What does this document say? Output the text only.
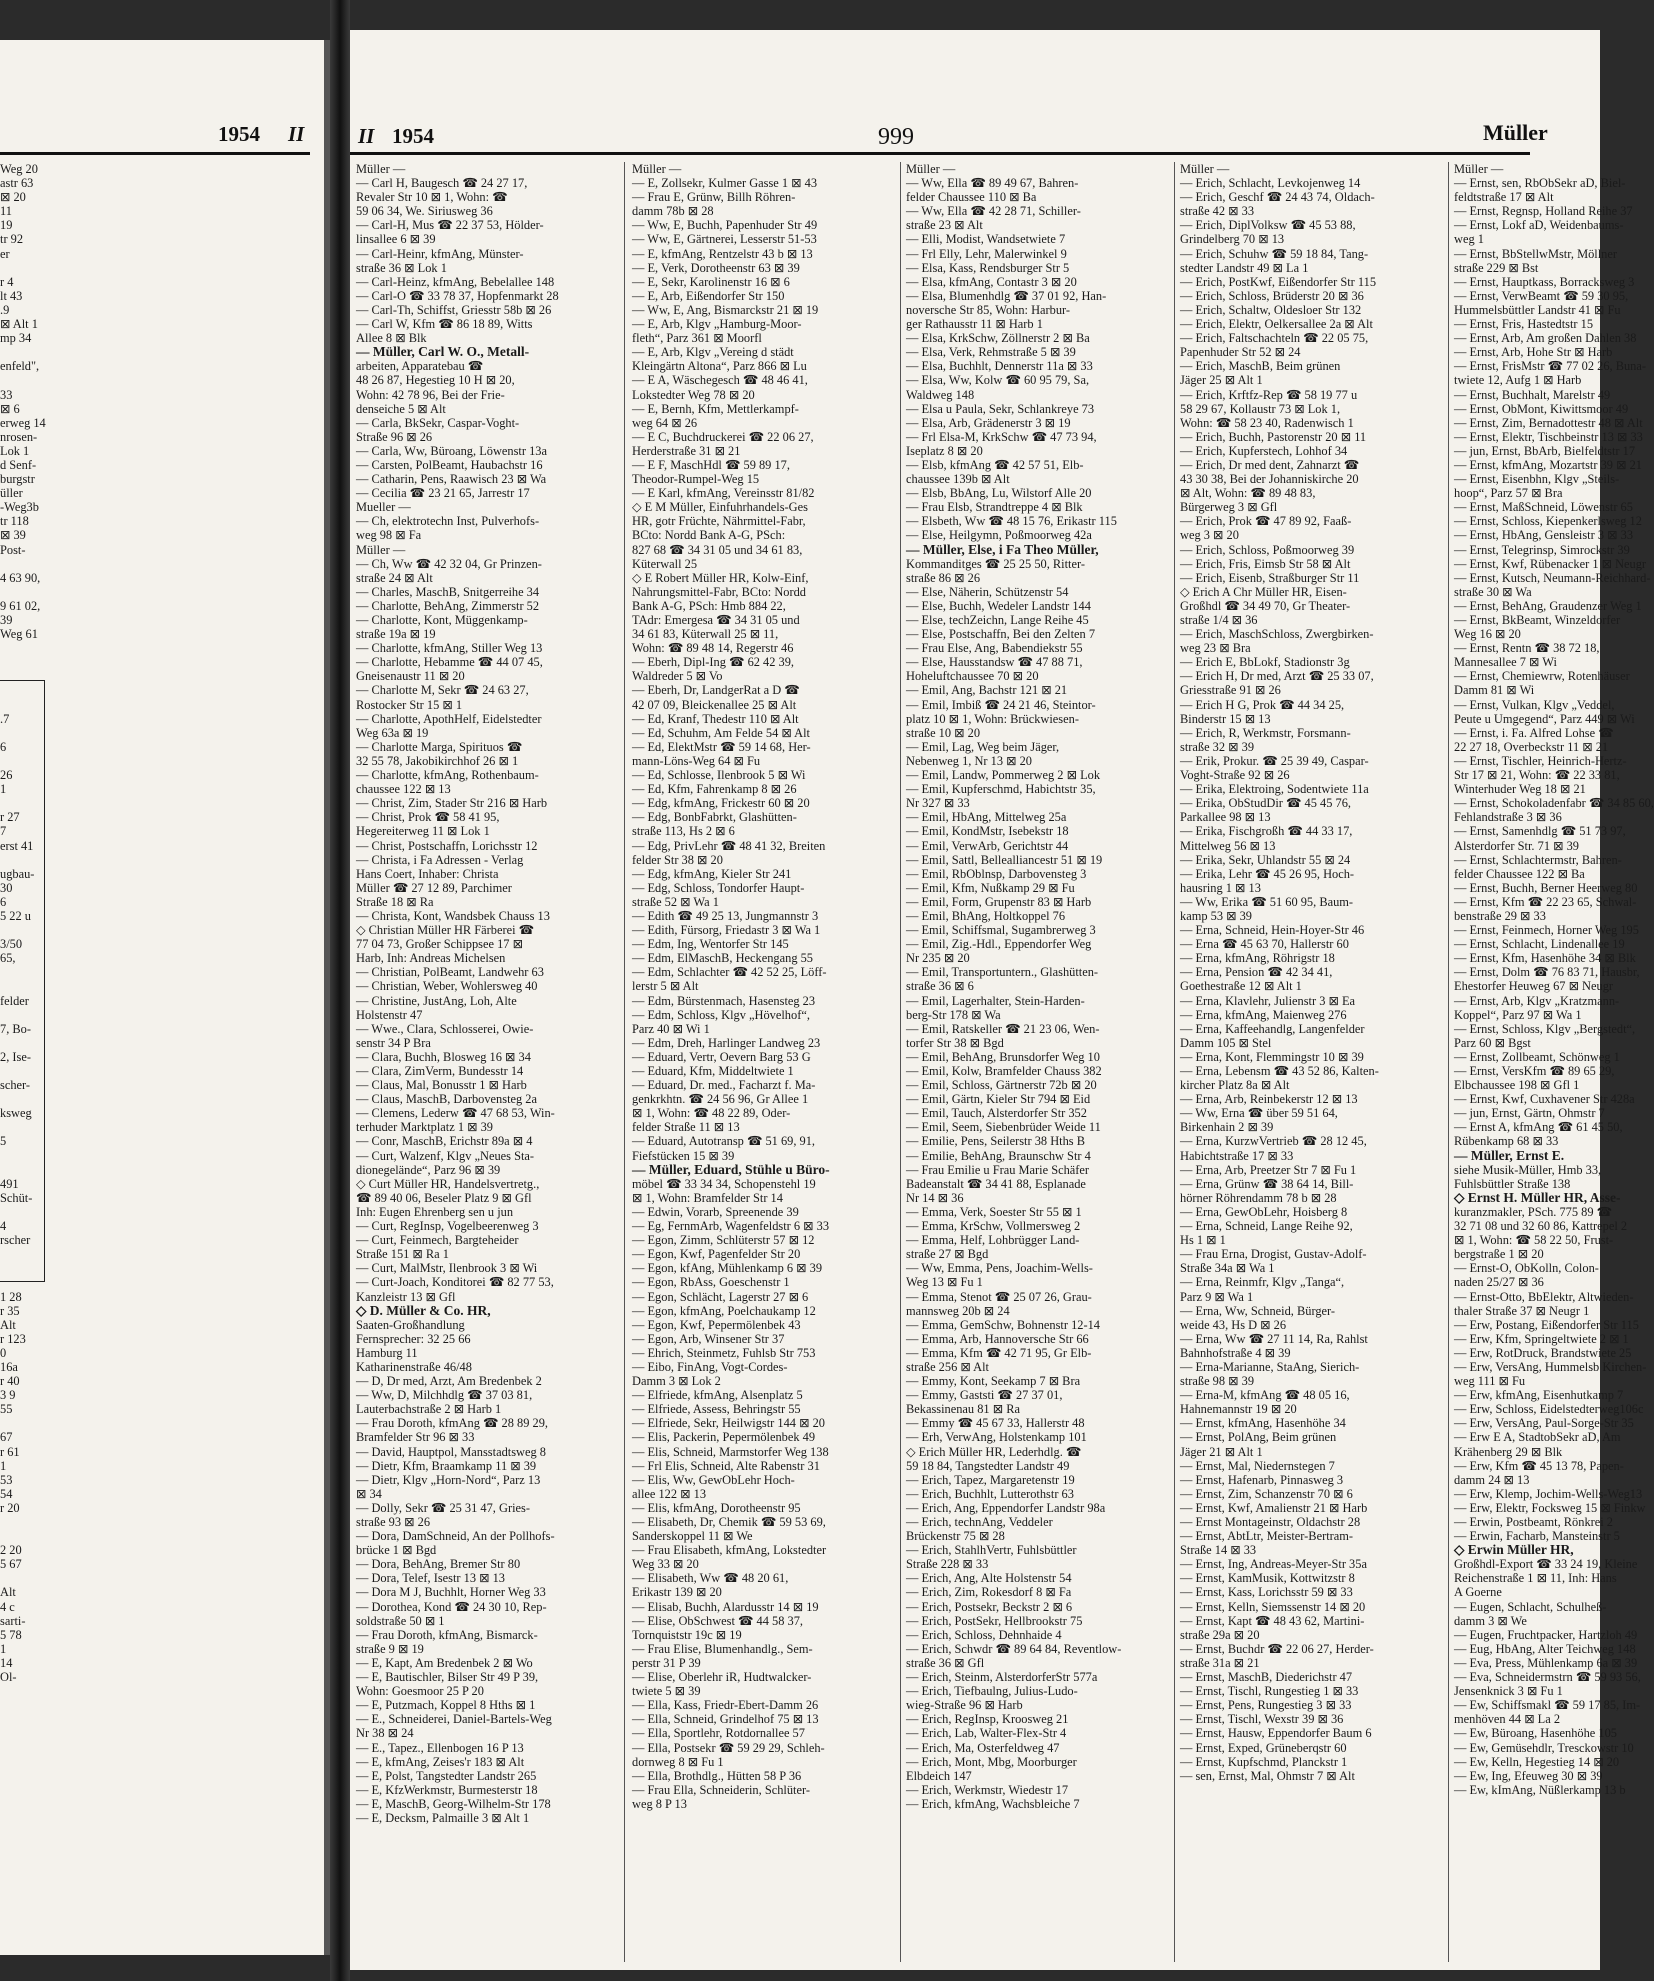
1954 II
Weg 20
astr 63
⊠ 20
11
19
tr 92
er

r 4
lt 43
.9
⊠ Alt 1
mp 34

enfeld",

33
⊠ 6
erweg 14
nrosen-
Lok 1
d Senf-
burgstr
üller
-Weg3b
tr 118
⊠ 39
Post-

4 63 90,

9 61 02,
39
Weg 61

.7

6

26
1

r 27
7
erst 41

ugbau-
30
6
5 22 u

3/50
65,

felder

7, Bo-

2, Ise-

scher-

ksweg

5

491
Schüt-

4
rscher

1 28
r 35
Alt
r 123
0
16a
r 40
3 9
55

67
r 61
1
53
54
r 20

2 20
5 67

Alt
4 c
sarti-
5 78
1
14
Ol-
II 1954	999	Müller
Müller —
— Carl H, Baugesch ☎ 24 27 17,
Revaler Str 10 ⊠ 1, Wohn: ☎
59 06 34, We. Siriusweg 36
— Carl-H, Mus ☎ 22 37 53, Hölder-
linsallee 6 ⊠ 39
— Carl-Heinr, kfmAng, Münster-
straße 36 ⊠ Lok 1
— Carl-Heinz, kfmAng, Bebelallee 148
— Carl-O ☎ 33 78 37, Hopfenmarkt 28
— Carl-Th, Schiffst, Griesstr 58b ⊠ 26
— Carl W, Kfm ☎ 86 18 89, Witts
Allee 8 ⊠ Blk
— Müller, Carl W. O., Metall-
arbeiten, Apparatebau ☎
48 26 87, Hegestieg 10 H ⊠ 20,
Wohn: 42 78 96, Bei der Frie-
denseiche 5 ⊠ Alt
— Carla, BkSekr, Caspar-Voght-
Straße 96 ⊠ 26
— Carla, Ww, Büroang, Löwenstr 13a
— Carsten, PolBeamt, Haubachstr 16
— Catharin, Pens, Raawisch 23 ⊠ Wa
— Cecilia ☎ 23 21 65, Jarrestr 17
Mueller —
— Ch, elektrotechn Inst, Pulverhofs-
weg 98 ⊠ Fa
Müller —
— Ch, Ww ☎ 42 32 04, Gr Prinzen-
straße 24 ⊠ Alt
— Charles, MaschB, Snitgerreihe 34
— Charlotte, BehAng, Zimmerstr 52
— Charlotte, Kont, Müggenkamp-
straße 19a ⊠ 19
— Charlotte, kfmAng, Stiller Weg 13
— Charlotte, Hebamme ☎ 44 07 45,
Gneisenaustr 11 ⊠ 20
— Charlotte M, Sekr ☎ 24 63 27,
Rostocker Str 15 ⊠ 1
— Charlotte, ApothHelf, Eidelstedter
Weg 63a ⊠ 19
— Charlotte Marga, Spirituos ☎
32 55 78, Jakobikirchhof 26 ⊠ 1
— Charlotte, kfmAng, Rothenbaum-
chaussee 122 ⊠ 13
— Christ, Zim, Stader Str 216 ⊠ Harb
— Christ, Prok ☎ 58 41 95,
Hegereiterweg 11 ⊠ Lok 1
— Christ, Postschaffn, Lorichsstr 12
— Christa, i Fa Adressen - Verlag
Hans Coert, Inhaber: Christa
Müller ☎ 27 12 89, Parchimer
Straße 18 ⊠ Ra
— Christa, Kont, Wandsbek Chauss 13
◇ Christian Müller HR Färberei ☎
77 04 73, Großer Schippsee 17 ⊠
Harb, Inh: Andreas Michelsen
— Christian, PolBeamt, Landwehr 63
— Christian, Weber, Wohlersweg 40
— Christine, JustAng, Loh, Alte
Holstenstr 47
— Wwe., Clara, Schlosserei, Owie-
senstr 34 P Bra
— Clara, Buchh, Blosweg 16 ⊠ 34
— Clara, ZimVerm, Bundesstr 14
— Claus, Mal, Bonusstr 1 ⊠ Harb
— Claus, MaschB, Darbovensteg 2a
— Clemens, Lederw ☎ 47 68 53, Win-
terhuder Marktplatz 1 ⊠ 39
— Conr, MaschB, Erichstr 89a ⊠ 4
— Curt, Walzenf, Klgv „Neues Sta-
dionegelände“, Parz 96 ⊠ 39
◇ Curt Müller HR, Handelsvertretg.,
☎ 89 40 06, Beseler Platz 9 ⊠ Gfl
Inh: Eugen Ehrenberg sen u jun
— Curt, RegInsp, Vogelbeerenweg 3
— Curt, Feinmech, Bargteheider
Straße 151 ⊠ Ra 1
— Curt, MalMstr, Ilenbrook 3 ⊠ Wi
— Curt-Joach, Konditorei ☎ 82 77 53,
Kanzleistr 13 ⊠ Gfl
◇ D. Müller & Co. HR,
Saaten-Großhandlung
Fernsprecher: 32 25 66
Hamburg 11
Katharinenstraße 46/48
— D, Dr med, Arzt, Am Bredenbek 2
— Ww, D, Milchhdlg ☎ 37 03 81,
Lauterbachstraße 2 ⊠ Harb 1
— Frau Doroth, kfmAng ☎ 28 89 29,
Bramfelder Str 96 ⊠ 33
— David, Hauptpol, Mansstadtsweg 8
— Dietr, Kfm, Braamkamp 11 ⊠ 39
— Dietr, Klgv „Horn-Nord“, Parz 13
⊠ 34
— Dolly, Sekr ☎ 25 31 47, Gries-
straße 93 ⊠ 26
— Dora, DamSchneid, An der Pollhofs-
brücke 1 ⊠ Bgd
— Dora, BehAng, Bremer Str 80
— Dora, Telef, Isestr 13 ⊠ 13
— Dora M J, Buchhlt, Horner Weg 33
— Dorothea, Kond ☎ 24 30 10, Rep-
soldstraße 50 ⊠ 1
— Frau Doroth, kfmAng, Bismarck-
straße 9 ⊠ 19
— E, Kapt, Am Bredenbek 2 ⊠ Wo
— E, Bautischler, Bilser Str 49 P 39,
Wohn: Goesmoor 25 P 20
— E, Putzmach, Koppel 8 Hths ⊠ 1
— E., Schneiderei, Daniel-Bartels-Weg
Nr 38 ⊠ 24
— E., Tapez., Ellenbogen 16 P 13
— E, kfmAng, Zeises'r 183 ⊠ Alt
— E, Polst, Tangstedter Landstr 265
— E, KfzWerkmstr, Burmesterstr 18
— E, MaschB, Georg-Wilhelm-Str 178
— E, Decksm, Palmaille 3 ⊠ Alt 1
Müller —
— E, Zollsekr, Kulmer Gasse 1 ⊠ 43
— Frau E, Grünw, Billh Röhren-
damm 78b ⊠ 28
— Ww, E, Buchh, Papenhuder Str 49
— Ww, E, Gärtnerei, Lesserstr 51-53
— E, kfmAng, Rentzelstr 43 b ⊠ 13
— E, Verk, Dorotheenstr 63 ⊠ 39
— E, Sekr, Karolinenstr 16 ⊠ 6
— E, Arb, Eißendorfer Str 150
— Ww, E, Ang, Bismarckstr 21 ⊠ 19
— E, Arb, Klgv „Hamburg-Moor-
fleth“, Parz 361 ⊠ Moorfl
— E, Arb, Klgv „Vereing d städt
Kleingärtn Altona“, Parz 866 ⊠ Lu
— E A, Wäschegesch ☎ 48 46 41,
Lokstedter Weg 78 ⊠ 20
— E, Bernh, Kfm, Mettlerkampf-
weg 64 ⊠ 26
— E C, Buchdruckerei ☎ 22 06 27,
Herderstraße 31 ⊠ 21
— E F, MaschHdl ☎ 59 89 17,
Theodor-Rumpel-Weg 15
— E Karl, kfmAng, Vereinsstr 81/82
◇ E M Müller, Einfuhrhandels-Ges
HR, gotr Früchte, Nährmittel-Fabr,
BCto: Nordd Bank A-G, PSch:
827 68 ☎ 34 31 05 und 34 61 83,
Küterwall 25
◇ E Robert Müller HR, Kolw-Einf,
Nahrungsmittel-Fabr, BCto: Nordd
Bank A-G, PSch: Hmb 884 22,
TAdr: Emergesa ☎ 34 31 05 und
34 61 83, Küterwall 25 ⊠ 11,
Wohn: ☎ 89 48 14, Regerstr 46
— Eberh, Dipl-Ing ☎ 62 42 39,
Waldreder 5 ⊠ Vo
— Eberh, Dr, LandgerRat a D ☎
42 07 09, Bleickenallee 25 ⊠ Alt
— Ed, Kranf, Thedestr 110 ⊠ Alt
— Ed, Schuhm, Am Felde 54 ⊠ Alt
— Ed, ElektMstr ☎ 59 14 68, Her-
mann-Löns-Weg 64 ⊠ Fu
— Ed, Schlosse, Ilenbrook 5 ⊠ Wi
— Ed, Kfm, Fahrenkamp 8 ⊠ 26
— Edg, kfmAng, Frickestr 60 ⊠ 20
— Edg, BonbFabrkt, Glashütten-
straße 113, Hs 2 ⊠ 6
— Edg, PrivLehr ☎ 48 41 32, Breiten
felder Str 38 ⊠ 20
— Edg, kfmAng, Kieler Str 241
— Edg, Schloss, Tondorfer Haupt-
straße 52 ⊠ Wa 1
— Edith ☎ 49 25 13, Jungmannstr 3
— Edith, Fürsorg, Friedastr 3 ⊠ Wa 1
— Edm, Ing, Wentorfer Str 145
— Edm, ElMaschB, Heckengang 55
— Edm, Schlachter ☎ 42 52 25, Löff-
lerstr 5 ⊠ Alt
— Edm, Bürstenmach, Hasensteg 23
— Edm, Schloss, Klgv „Hövelhof“,
Parz 40 ⊠ Wi 1
— Edm, Dreh, Harlinger Landweg 23
— Eduard, Vertr, Oevern Barg 53 G
— Eduard, Kfm, Middeltwiete 1
— Eduard, Dr. med., Facharzt f. Ma-
genkrkhtn. ☎ 24 56 96, Gr Allee 1
⊠ 1, Wohn: ☎ 48 22 89, Oder-
felder Straße 11 ⊠ 13
— Eduard, Autotransp ☎ 51 69, 91,
Fiefstücken 15 ⊠ 39
— Müller, Eduard, Stühle u Büro-
möbel ☎ 33 34 34, Schopenstehl 19
⊠ 1, Wohn: Bramfelder Str 14
— Edwin, Vorarb, Spreenende 39
— Eg, FernmArb, Wagenfeldstr 6 ⊠ 33
— Egon, Zimm, Schlüterstr 57 ⊠ 12
— Egon, Kwf, Pagenfelder Str 20
— Egon, kfAng, Mühlenkamp 6 ⊠ 39
— Egon, RbAss, Goeschenstr 1
— Egon, Schlächt, Lagerstr 27 ⊠ 6
— Egon, kfmAng, Poelchaukamp 12
— Egon, Kwf, Pepermölenbek 43
— Egon, Arb, Winsener Str 37
— Ehrich, Steinmetz, Fuhlsb Str 753
— Eibo, FinAng, Vogt-Cordes-
Damm 3 ⊠ Lok 2
— Elfriede, kfmAng, Alsenplatz 5
— Elfriede, Assess, Behringstr 55
— Elfriede, Sekr, Heilwigstr 144 ⊠ 20
— Elis, Packerin, Pepermölenbek 49
— Elis, Schneid, Marmstorfer Weg 138
— Frl Elis, Schneid, Alte Rabenstr 31
— Elis, Ww, GewObLehr Hoch-
allee 122 ⊠ 13
— Elis, kfmAng, Dorotheenstr 95
— Elisabeth, Dr, Chemik ☎ 59 53 69,
Sanderskoppel 11 ⊠ We
— Frau Elisabeth, kfmAng, Lokstedter
Weg 33 ⊠ 20
— Elisabeth, Ww ☎ 48 20 61,
Erikastr 139 ⊠ 20
— Elisab, Buchh, Alardusstr 14 ⊠ 19
— Elise, ObSchwest ☎ 44 58 37,
Tornquiststr 19c ⊠ 19
— Frau Elise, Blumenhandlg., Sem-
perstr 31 P 39
— Elise, Oberlehr iR, Hudtwalcker-
twiete 5 ⊠ 39
— Ella, Kass, Friedr-Ebert-Damm 26
— Ella, Schneid, Grindelhof 75 ⊠ 13
— Ella, Sportlehr, Rotdornallee 57
— Ella, Postsekr ☎ 59 29 29, Schleh-
dornweg 8 ⊠ Fu 1
— Ella, Brothdlg., Hütten 58 P 36
— Frau Ella, Schneiderin, Schlüter-
weg 8 P 13
Müller —
— Ww, Ella ☎ 89 49 67, Bahren-
felder Chaussee 110 ⊠ Ba
— Ww, Ella ☎ 42 28 71, Schiller-
straße 23 ⊠ Alt
— Elli, Modist, Wandsetwiete 7
— Frl Elly, Lehr, Malerwinkel 9
— Elsa, Kass, Rendsburger Str 5
— Elsa, kfmAng, Contastr 3 ⊠ 20
— Elsa, Blumenhdlg ☎ 37 01 92, Han-
noversche Str 85, Wohn: Harbur-
ger Rathausstr 11 ⊠ Harb 1
— Elsa, KrkSchw, Zöllnerstr 2 ⊠ Ba
— Elsa, Verk, Rehmstraße 5 ⊠ 39
— Elsa, Buchhlt, Dennerstr 11a ⊠ 33
— Elsa, Ww, Kolw ☎ 60 95 79, Sa,
Waldweg 148
— Elsa u Paula, Sekr, Schlankreye 73
— Elsa, Arb, Grädenerstr 3 ⊠ 19
— Frl Elsa-M, KrkSchw ☎ 47 73 94,
Iseplatz 8 ⊠ 20
— Elsb, kfmAng ☎ 42 57 51, Elb-
chaussee 139b ⊠ Alt
— Elsb, BbAng, Lu, Wilstorf Alle 20
— Frau Elsb, Strandtreppe 4 ⊠ Blk
— Elsbeth, Ww ☎ 48 15 76, Erikastr 115
— Else, Heilgymn, Poßmoorweg 42a
— Müller, Else, i Fa Theo Müller,
Kommanditges ☎ 25 25 50, Ritter-
straße 86 ⊠ 26
— Else, Näherin, Schützenstr 54
— Else, Buchh, Wedeler Landstr 144
— Else, techZeichn, Lange Reihe 45
— Else, Postschaffn, Bei den Zelten 7
— Frau Else, Ang, Babendiekstr 55
— Else, Hausstandsw ☎ 47 88 71,
Hoheluftchaussee 70 ⊠ 20
— Emil, Ang, Bachstr 121 ⊠ 21
— Emil, Imbiß ☎ 24 21 46, Steintor-
platz 10 ⊠ 1, Wohn: Brückwiesen-
straße 10 ⊠ 20
— Emil, Lag, Weg beim Jäger,
Nebenweg 1, Nr 13 ⊠ 20
— Emil, Landw, Pommerweg 2 ⊠ Lok
— Emil, Kupferschmd, Habichtstr 35,
Nr 327 ⊠ 33
— Emil, HbAng, Mittelweg 25a
— Emil, KondMstr, Isebekstr 18
— Emil, VerwArb, Gerichtstr 44
— Emil, Sattl, Bellealliancestr 51 ⊠ 19
— Emil, RbOblnsp, Darbovensteg 3
— Emil, Kfm, Nußkamp 29 ⊠ Fu
— Emil, Form, Grupenstr 83 ⊠ Harb
— Emil, BhAng, Holtkoppel 76
— Emil, Schiffsmal, Sugambrerweg 3
— Emil, Zig.-Hdl., Eppendorfer Weg
Nr 235 ⊠ 20
— Emil, Transportuntern., Glashütten-
straße 36 ⊠ 6
— Emil, Lagerhalter, Stein-Harden-
berg-Str 178 ⊠ Wa
— Emil, Ratskeller ☎ 21 23 06, Wen-
torfer Str 38 ⊠ Bgd
— Emil, BehAng, Brunsdorfer Weg 10
— Emil, Kolw, Bramfelder Chauss 382
— Emil, Schloss, Gärtnerstr 72b ⊠ 20
— Emil, Gärtn, Kieler Str 794 ⊠ Eid
— Emil, Tauch, Alsterdorfer Str 352
— Emil, Seem, Siebenbrüder Weide 11
— Emilie, Pens, Seilerstr 38 Hths B
— Emilie, BehAng, Braunschw Str 4
— Frau Emilie u Frau Marie Schäfer
Badeanstalt ☎ 34 41 88, Esplanade
Nr 14 ⊠ 36
— Emma, Verk, Soester Str 55 ⊠ 1
— Emma, KrSchw, Vollmersweg 2
— Emma, Helf, Lohbrügger Land-
straße 27 ⊠ Bgd
— Ww, Emma, Pens, Joachim-Wells-
Weg 13 ⊠ Fu 1
— Emma, Stenot ☎ 25 07 26, Grau-
mannsweg 20b ⊠ 24
— Emma, GemSchw, Bohnenstr 12-14
— Emma, Arb, Hannoversche Str 66
— Emma, Kfm ☎ 42 71 95, Gr Elb-
straße 256 ⊠ Alt
— Emmy, Kont, Seekamp 7 ⊠ Bra
— Emmy, Gaststi ☎ 27 37 01,
Bekassinenau 81 ⊠ Ra
— Emmy ☎ 45 67 33, Hallerstr 48
— Erh, VerwAng, Holstenkamp 101
◇ Erich Müller HR, Lederhdlg. ☎
59 18 84, Tangstedter Landstr 49
— Erich, Tapez, Margaretenstr 19
— Erich, Buchhlt, Lutterothstr 63
— Erich, Ang, Eppendorfer Landstr 98a
— Erich, technAng, Veddeler
Brückenstr 75 ⊠ 28
— Erich, StahlhVertr, Fuhlsbüttler
Straße 228 ⊠ 33
— Erich, Ang, Alte Holstenstr 54
— Erich, Zim, Rokesdorf 8 ⊠ Fa
— Erich, Postsekr, Beckstr 2 ⊠ 6
— Erich, PostSekr, Hellbrookstr 75
— Erich, Schloss, Dehnhaide 4
— Erich, Schwdr ☎ 89 64 84, Reventlow-
straße 36 ⊠ Gfl
— Erich, Steinm, AlsterdorferStr 577a
— Erich, Tiefbaulng, Julius-Ludo-
wieg-Straße 96 ⊠ Harb
— Erich, RegInsp, Kroosweg 21
— Erich, Lab, Walter-Flex-Str 4
— Erich, Ma, Osterfeldweg 47
— Erich, Mont, Mbg, Moorburger
Elbdeich 147
— Erich, Werkmstr, Wiedestr 17
— Erich, kfmAng, Wachsbleiche 7
Müller —
— Erich, Schlacht, Levkojenweg 14
— Erich, Geschf ☎ 24 43 74, Oldach-
straße 42 ⊠ 33
— Erich, DiplVolksw ☎ 45 53 88,
Grindelberg 70 ⊠ 13
— Erich, Schuhw ☎ 59 18 84, Tang-
stedter Landstr 49 ⊠ La 1
— Erich, PostKwf, Eißendorfer Str 115
— Erich, Schloss, Brüderstr 20 ⊠ 36
— Erich, Schaltw, Oldesloer Str 132
— Erich, Elektr, Oelkersallee 2a ⊠ Alt
— Erich, Faltschachteln ☎ 22 05 75,
Papenhuder Str 52 ⊠ 24
— Erich, MaschB, Beim grünen
Jäger 25 ⊠ Alt 1
— Erich, Krftfz-Rep ☎ 58 19 77 u
58 29 67, Kollaustr 73 ⊠ Lok 1,
Wohn: ☎ 58 23 40, Radenwisch 1
— Erich, Buchh, Pastorenstr 20 ⊠ 11
— Erich, Kupferstech, Lohhof 34
— Erich, Dr med dent, Zahnarzt ☎
43 30 38, Bei der Johanniskirche 20
⊠ Alt, Wohn: ☎ 89 48 83,
Bürgerweg 3 ⊠ Gfl
— Erich, Prok ☎ 47 89 92, Faaß-
weg 3 ⊠ 20
— Erich, Schloss, Poßmoorweg 39
— Erich, Fris, Eimsb Str 58 ⊠ Alt
— Erich, Eisenb, Straßburger Str 11
◇ Erich A Chr Müller HR, Eisen-
Großhdl ☎ 34 49 70, Gr Theater-
straße 1/4 ⊠ 36
— Erich, MaschSchloss, Zwergbirken-
weg 23 ⊠ Bra
— Erich E, BbLokf, Stadionstr 3g
— Erich H, Dr med, Arzt ☎ 25 33 07,
Griesstraße 91 ⊠ 26
— Erich H G, Prok ☎ 44 34 25,
Binderstr 15 ⊠ 13
— Erich, R, Werkmstr, Forsmann-
straße 32 ⊠ 39
— Erik, Prokur. ☎ 25 39 49, Caspar-
Voght-Straße 92 ⊠ 26
— Erika, Elektroing, Sodentwiete 11a
— Erika, ObStudDir ☎ 45 45 76,
Parkallee 98 ⊠ 13
— Erika, Fischgroßh ☎ 44 33 17,
Mittelweg 56 ⊠ 13
— Erika, Sekr, Uhlandstr 55 ⊠ 24
— Erika, Lehr ☎ 45 26 95, Hoch-
hausring 1 ⊠ 13
— Ww, Erika ☎ 51 60 95, Baum-
kamp 53 ⊠ 39
— Erna, Schneid, Hein-Hoyer-Str 46
— Erna ☎ 45 63 70, Hallerstr 60
— Erna, kfmAng, Röhrigstr 18
— Erna, Pension ☎ 42 34 41,
Goethestraße 12 ⊠ Alt 1
— Erna, Klavlehr, Julienstr 3 ⊠ Ea
— Erna, kfmAng, Maienweg 276
— Erna, Kaffeehandlg, Langenfelder
Damm 105 ⊠ Stel
— Erna, Kont, Flemmingstr 10 ⊠ 39
— Erna, Lebensm ☎ 43 52 86, Kalten-
kircher Platz 8a ⊠ Alt
— Erna, Arb, Reinbekerstr 12 ⊠ 13
— Ww, Erna ☎ über 59 51 64,
Birkenhain 2 ⊠ 39
— Erna, KurzwVertrieb ☎ 28 12 45,
Habichtstraße 17 ⊠ 33
— Erna, Arb, Preetzer Str 7 ⊠ Fu 1
— Erna, Grünw ☎ 38 64 14, Bill-
hörner Röhrendamm 78 b ⊠ 28
— Erna, GewObLehr, Hoisberg 8
— Erna, Schneid, Lange Reihe 92,
Hs 1 ⊠ 1
— Frau Erna, Drogist, Gustav-Adolf-
Straße 34a ⊠ Wa 1
— Erna, Reinmfr, Klgv „Tanga“,
Parz 9 ⊠ Wa 1
— Erna, Ww, Schneid, Bürger-
weide 43, Hs D ⊠ 26
— Erna, Ww ☎ 27 11 14, Ra, Rahlst
Bahnhofstraße 4 ⊠ 39
— Erna-Marianne, StaAng, Sierich-
straße 98 ⊠ 39
— Erna-M, kfmAng ☎ 48 05 16,
Hahnemannstr 19 ⊠ 20
— Ernst, kfmAng, Hasenhöhe 34
— Ernst, PolAng, Beim grünen
Jäger 21 ⊠ Alt 1
— Ernst, Mal, Niedernstegen 7
— Ernst, Hafenarb, Pinnasweg 3
— Ernst, Zim, Schanzenstr 70 ⊠ 6
— Ernst, Kwf, Amalienstr 21 ⊠ Harb
— Ernst Montageinstr, Oldachstr 28
— Ernst, AbtLtr, Meister-Bertram-
Straße 14 ⊠ 33
— Ernst, Ing, Andreas-Meyer-Str 35a
— Ernst, KamMusik, Kottwitzstr 8
— Ernst, Kass, Lorichsstr 59 ⊠ 33
— Ernst, Kelln, Siemssenstr 14 ⊠ 20
— Ernst, Kapt ☎ 48 43 62, Martini-
straße 29a ⊠ 20
— Ernst, Buchdr ☎ 22 06 27, Herder-
straße 31a ⊠ 21
— Ernst, MaschB, Diederichstr 47
— Ernst, Tischl, Rungestieg 1 ⊠ 33
— Ernst, Pens, Rungestieg 3 ⊠ 33
— Ernst, Tischl, Wexstr 39 ⊠ 36
— Ernst, Hausw, Eppendorfer Baum 6
— Ernst, Exped, Grüneberqstr 60
— Ernst, Kupfschmd, Planckstr 1
— sen, Ernst, Mal, Ohmstr 7 ⊠ Alt
Müller —
— Ernst, sen, RbObSekr aD, Biel-
feldtstraße 17 ⊠ Alt
— Ernst, Regnsp, Holland Reihe 37
— Ernst, Lokf aD, Weidenbaums-
weg 1
— Ernst, BbStellwMstr, Möllner
straße 229 ⊠ Bst
— Ernst, Hauptkass, Borracksweg 3
— Ernst, VerwBeamt ☎ 59 30 95,
Hummelsbüttler Landstr 41 ⊠ Fu
— Ernst, Fris, Hastedtstr 15
— Ernst, Arb, Am großen Dahlen 38
— Ernst, Arb, Hohe Str ⊠ Harb
— Ernst, FrisMstr ☎ 77 02 26, Buna-
twiete 12, Aufg 1 ⊠ Harb
— Ernst, Buchhalt, Marelstr 49
— Ernst, ObMont, Kiwittsmoor 49
— Ernst, Zim, Bernadottestr 48 ⊠ Alt
— Ernst, Elektr, Tischbeinstr 13 ⊠ 33
— jun, Ernst, BbArb, Bielfeldtstr 17
— Ernst, kfmAng, Mozartstr 39 ⊠ 21
— Ernst, Eisenbhn, Klgv „Steils-
hoop“, Parz 57 ⊠ Bra
— Ernst, MaßSchneid, Löwenstr 65
— Ernst, Schloss, Kiepenkerlsweg 12
— Ernst, HbAng, Gensleistr 3 ⊠ 33
— Ernst, Telegrinsp, Simrockstr 39
— Ernst, Kwf, Rübenacker 1 ⊠ Neugr
— Ernst, Kutsch, Neumann-Reichhard-
straße 30 ⊠ Wa
— Ernst, BehAng, Graudenzer Weg 1
— Ernst, BkBeamt, Winzeldorfer
Weg 16 ⊠ 20
— Ernst, Rentn ☎ 38 72 18,
Mannesallee 7 ⊠ Wi
— Ernst, Chemiewrw, Rotenhäuser
Damm 81 ⊠ Wi
— Ernst, Vulkan, Klgv „Veddel,
Peute u Umgegend“, Parz 449 ⊠ Wi
— Ernst, i. Fa. Alfred Lohse ☎
22 27 18, Overbeckstr 11 ⊠ 21
— Ernst, Tischler, Heinrich-Hertz-
Str 17 ⊠ 21, Wohn: ☎ 22 33 81,
Winterhuder Weg 18 ⊠ 21
— Ernst, Schokoladenfabr ☎ 34 85 60,
Fehlandstraße 3 ⊠ 36
— Ernst, Samenhdlg ☎ 51 73 97,
Alsterdorfer Str. 71 ⊠ 39
— Ernst, Schlachtermstr, Bahren-
felder Chaussee 122 ⊠ Ba
— Ernst, Buchh, Berner Heerweg 80
— Ernst, Kfm ☎ 22 23 65, Schwal-
benstraße 29 ⊠ 33
— Ernst, Feinmech, Horner Weg 195
— Ernst, Schlacht, Lindenallee 19
— Ernst, Kfm, Hasenhöhe 34 ⊠ Blk
— Ernst, Dolm ☎ 76 83 71, Hausbr,
Ehestorfer Heuweg 67 ⊠ Neugr
— Ernst, Arb, Klgv „Kratzmann-
Koppel“, Parz 97 ⊠ Wa 1
— Ernst, Schloss, Klgv „Bergstedt“,
Parz 60 ⊠ Bgst
— Ernst, Zollbeamt, Schönweg 1
— Ernst, VersKfm ☎ 89 65 29,
Elbchaussee 198 ⊠ Gfl 1
— Ernst, Kwf, Cuxhavener Str 428a
— jun, Ernst, Gärtn, Ohmstr 7
— Ernst A, kfmAng ☎ 61 45 50,
Rübenkamp 68 ⊠ 33
— Müller, Ernst E.
siehe Musik-Müller, Hmb 33,
Fuhlsbüttler Straße 138
◇ Ernst H. Müller HR, Asse-
kuranzmakler, PSch. 775 89 ☎
32 71 08 und 32 60 86, Kattrepel 2
⊠ 1, Wohn: ☎ 58 22 50, Frust-
bergstraße 1 ⊠ 20
— Ernst-O, ObKolln, Colon-
naden 25/27 ⊠ 36
— Ernst-Otto, BbElektr, Altwieden-
thaler Straße 37 ⊠ Neugr 1
— Erw, Postang, Eißendorfer Str 115
— Erw, Kfm, Springeltwiete 2 ⊠ 1
— Erw, RotDruck, Brandstwiete 25
— Erw, VersAng, Hummelsb Kirchen-
weg 111 ⊠ Fu
— Erw, kfmAng, Eisenhutkamp 7
— Erw, Schloss, Eidelstedterweg106c
— Erw, VersAng, Paul-Sorge-Str 35
— Erw E A, StadtobSekr aD, Am
Krähenberg 29 ⊠ Blk
— Erw, Kfm ☎ 45 13 78, Papen-
damm 24 ⊠ 13
— Erw, Klemp, Jochim-Wells-Weg13
— Erw, Elektr, Focksweg 15 ⊠ Finkw
— Erwin, Postbeamt, Rönkrei 2
— Erwin, Facharb, Mansteinstr 5
◇ Erwin Müller HR,
Großhdl-Export ☎ 33 24 19, Kleine
Reichenstraße 1 ⊠ 11, Inh: Hans
A Goerne
— Eugen, Schlacht, Schulheß-
damm 3 ⊠ We
— Eugen, Fruchtpacker, Hartzloh 49
— Eug, HbAng, Alter Teichweg 148
— Eva, Press, Mühlenkamp 6a ⊠ 39
— Eva, Schneidermstrn ☎ 59 93 56,
Jensenknick 3 ⊠ Fu 1
— Ew, Schiffsmakl ☎ 59 17 85, Im-
menhöven 44 ⊠ La 2
— Ew, Büroang, Hasenhöhe 105
— Ew, Gemüsehdlr, Tresckowstr 10
— Ew, Kelln, Hegestieg 14 ⊠ 20
— Ew, Ing, Efeuweg 30 ⊠ 39
— Ew, kImAng, Nüßlerkamp 13 b
